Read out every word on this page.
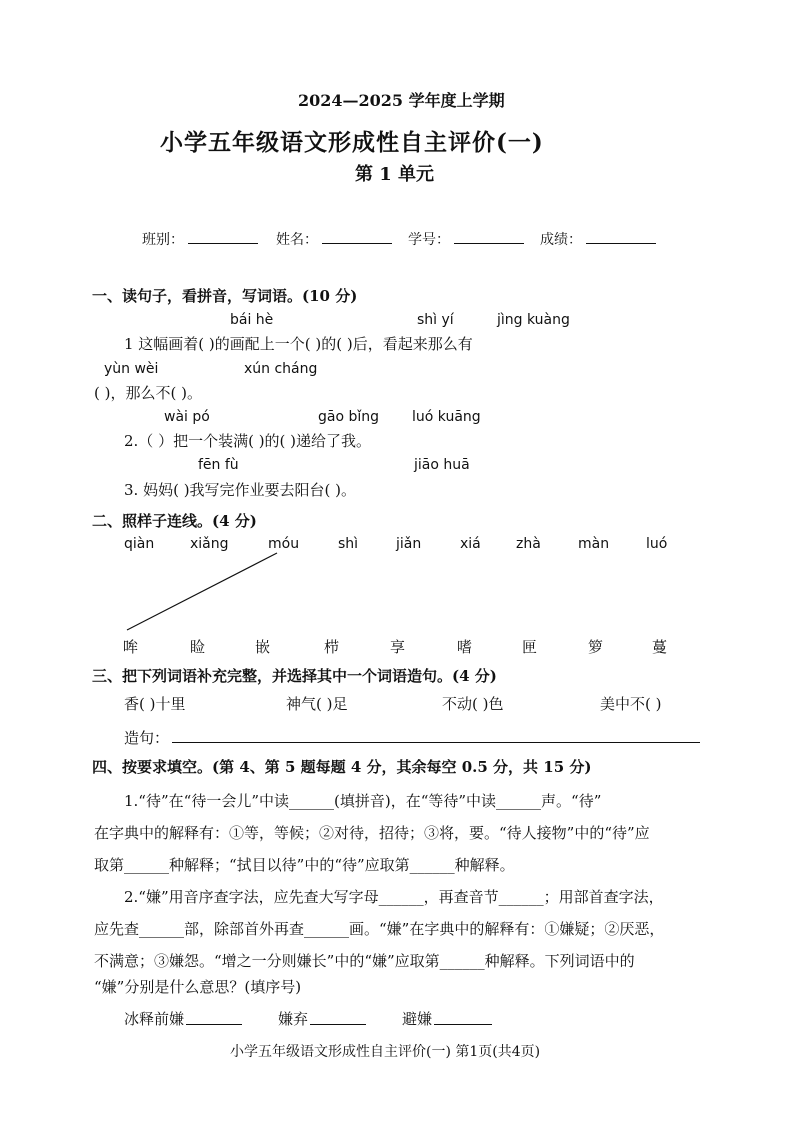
2024—2025 学年度上学期
小学五年级语文形成性自主评价(一)
第 1 单元
班别：	姓名：	学号：	成绩：
一、读句子，看拼音，写词语。(10 分)
bái hè	shì yí	jìng kuàng
1 这幅画着( )的画配上一个( )的( )后，看起来那么有
yùn wèi	xún cháng
( )，那么不( )。
wài pó	gāo bǐng luó kuāng
2.（ ）把一个装满( )的( )递给了我。
fēn fù	jiāo huā
3. 妈妈( )我写完作业要去阳台( )。
二、照样子连线。(4 分)
qiàn	xiǎng	móu	shì	jiǎn	xiá	zhà	màn	luó
哞	睑	嵌	栉	享	嗜	匣	箩	蔓
三、把下列词语补充完整，并选择其中一个词语造句。(4 分)
香( )十里	神气( )足	不动( )色	美中不( )
造句：
四、按要求填空。(第 4、第 5 题每题 4 分，其余每空 0.5 分，共 15 分)
1.“待”在“待一会儿”中读______(填拼音)，在“等待”中读______声。“待”
在字典中的解释有：①等，等候；②对待，招待；③将，要。“待人接物”中的“待”应
取第______种解释；“拭目以待”中的“待”应取第______种解释。
2.“嫌”用音序查字法，应先查大写字母______，再查音节______；用部首查字法，
应先查______部，除部首外再查______画。“嫌”在字典中的解释有：①嫌疑；②厌恶，
不满意；③嫌怨。“增之一分则嫌长”中的“嫌”应取第______种解释。下列词语中的
“嫌”分别是什么意思？(填序号)
冰释前嫌	嫌弃	避嫌
小学五年级语文形成性自主评价(一) 第1页(共4页)
